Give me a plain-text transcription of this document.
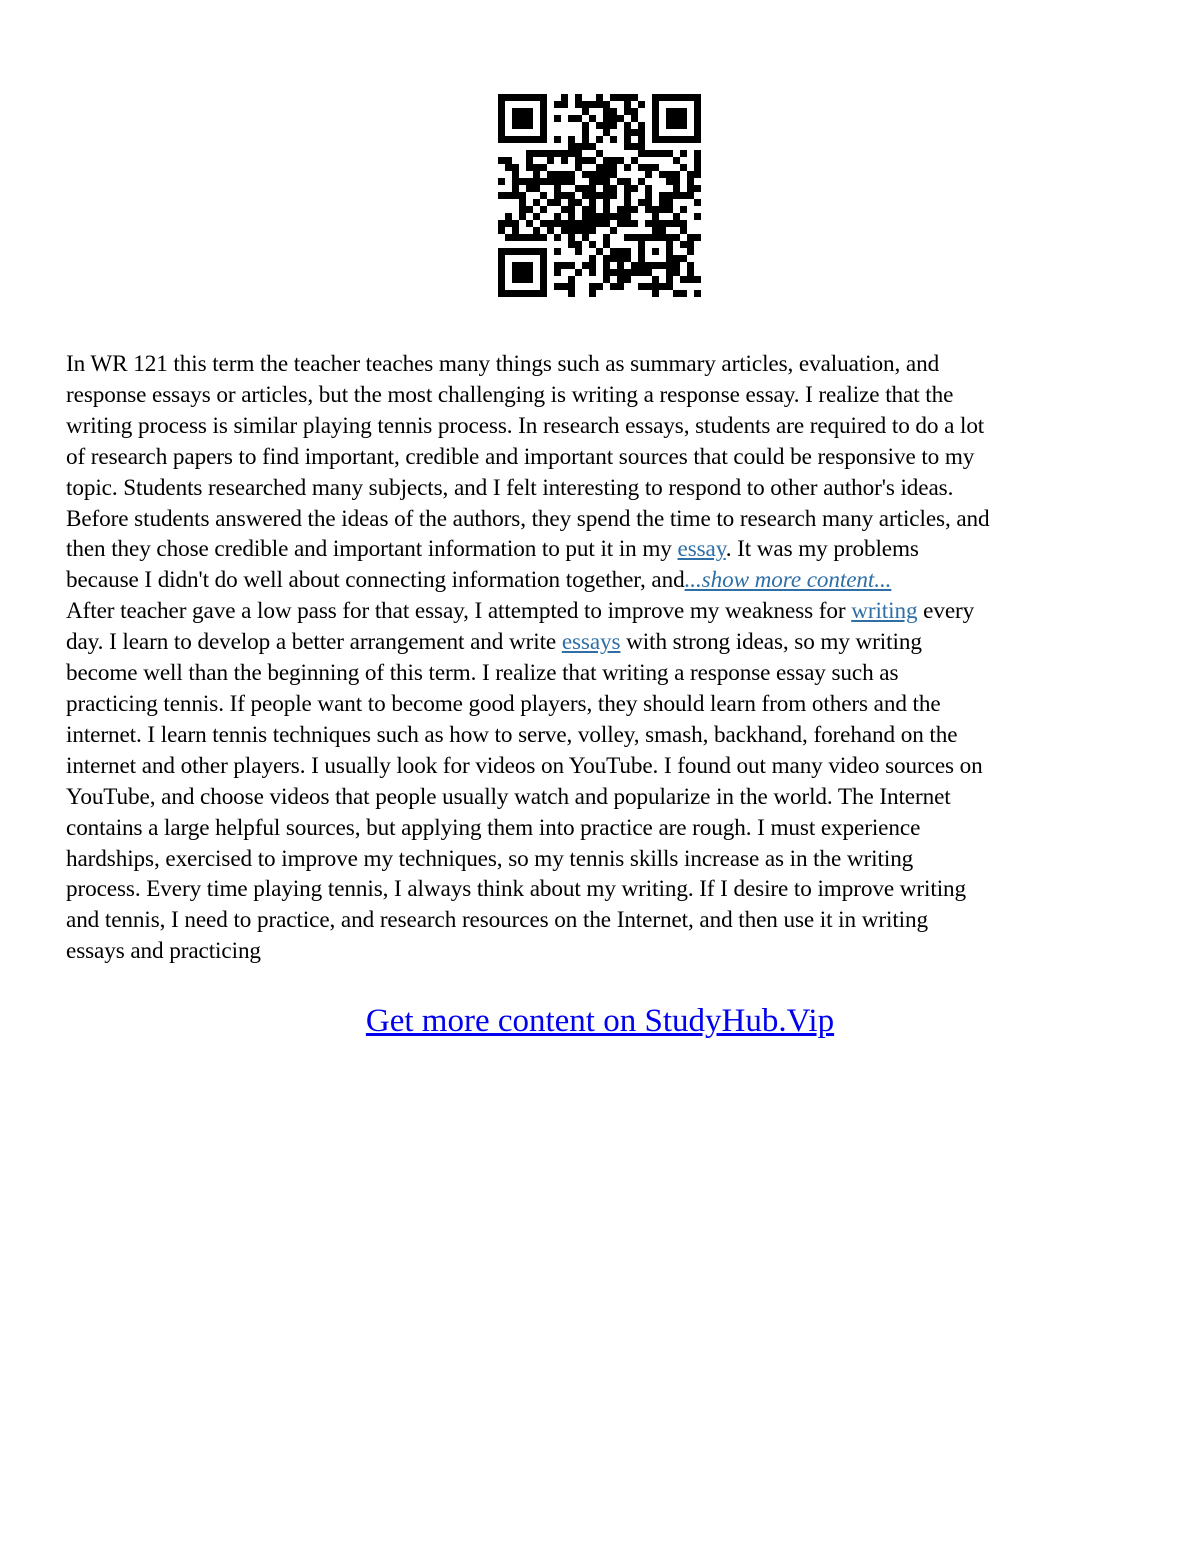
In WR 121 this term the teacher teaches many things such as summary articles, evaluation, and
response essays or articles, but the most challenging is writing a response essay. I realize that the
writing process is similar playing tennis process. In research essays, students are required to do a lot
of research papers to find important, credible and important sources that could be responsive to my
topic. Students researched many subjects, and I felt interesting to respond to other author's ideas.
Before students answered the ideas of the authors, they spend the time to research many articles, and
then they chose credible and important information to put it in my essay. It was my problems
because I didn't do well about connecting information together, and...show more content...
After teacher gave a low pass for that essay, I attempted to improve my weakness for writing every
day. I learn to develop a better arrangement and write essays with strong ideas, so my writing
become well than the beginning of this term. I realize that writing a response essay such as
practicing tennis. If people want to become good players, they should learn from others and the
internet. I learn tennis techniques such as how to serve, volley, smash, backhand, forehand on the
internet and other players. I usually look for videos on YouTube. I found out many video sources on
YouTube, and choose videos that people usually watch and popularize in the world. The Internet
contains a large helpful sources, but applying them into practice are rough. I must experience
hardships, exercised to improve my techniques, so my tennis skills increase as in the writing
process. Every time playing tennis, I always think about my writing. If I desire to improve writing
and tennis, I need to practice, and research resources on the Internet, and then use it in writing
essays and practicing
Get more content on StudyHub.Vip
